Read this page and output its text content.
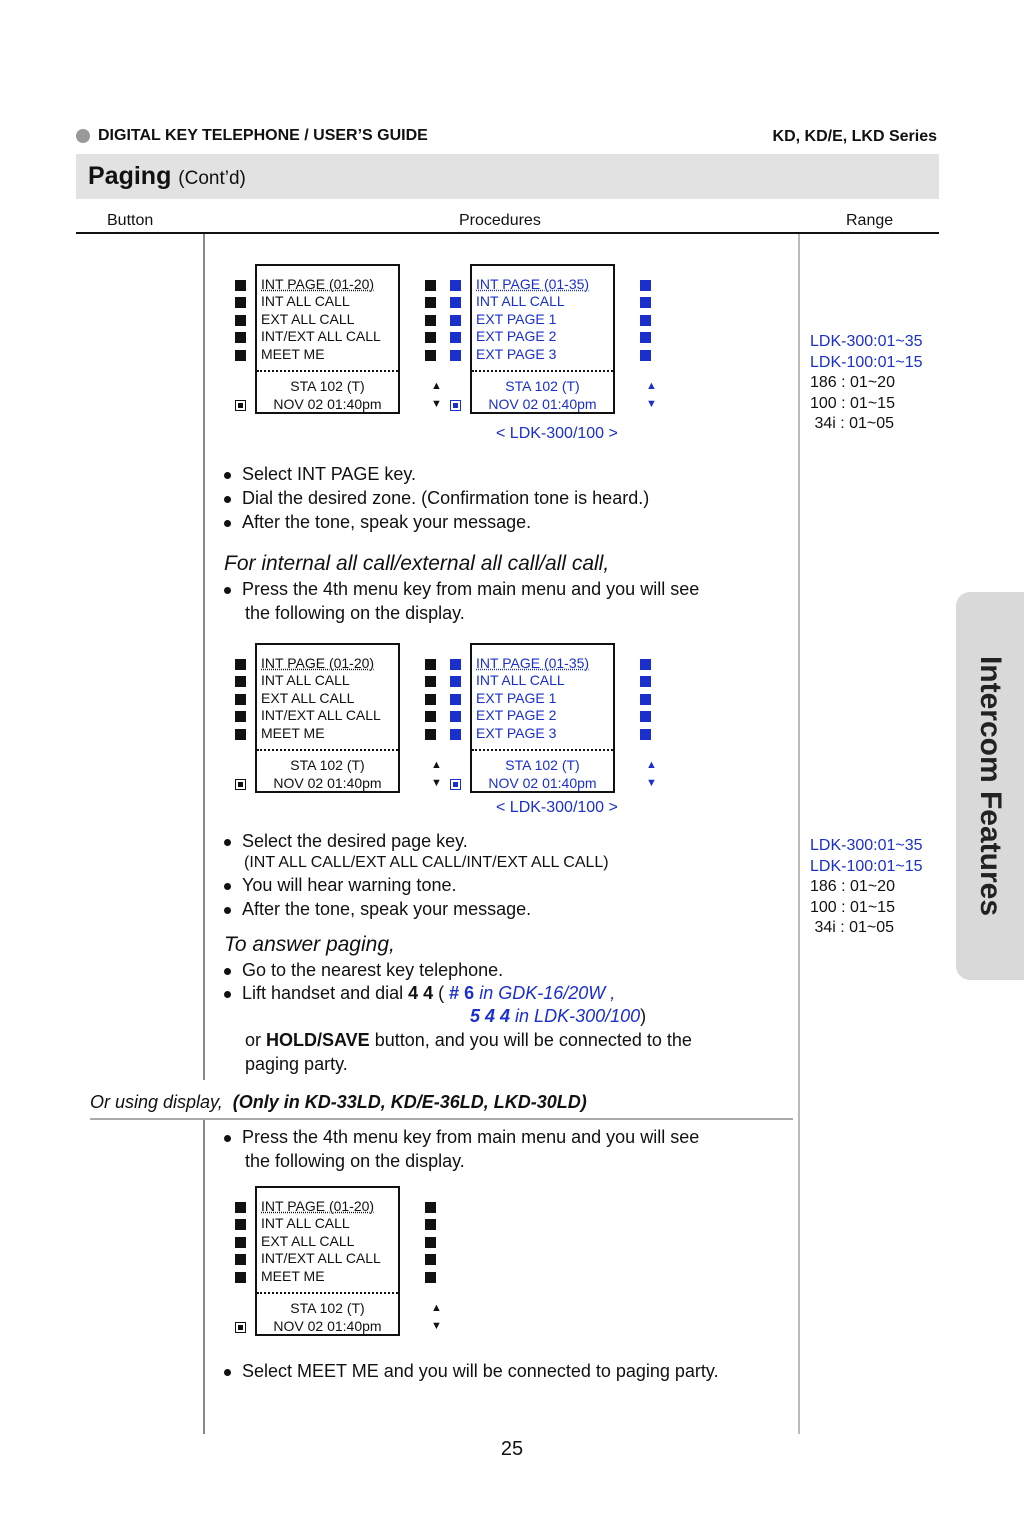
DIGITAL KEY TELEPHONE / USER’S GUIDE	KD, KD/E, LKD Series
Paging (Cont’d)
Button	Procedures	Range
INT PAGE (01-20)
INT ALL CALL
EXT ALL CALL
INT/EXT ALL CALL
MEET ME
STA 102 (T)
NOV 02 01:40pm
▲
▼
INT PAGE (01-35)
INT ALL CALL
EXT PAGE 1
EXT PAGE 2
EXT PAGE 3
STA 102 (T)
NOV 02 01:40pm
▲
▼
< LDK-300/100 >
Select INT PAGE key.
Dial the desired zone. (Confirmation tone is heard.)
After the tone, speak your message.
For internal all call/external all call/all call,
Press the 4th menu key from main menu and you will see
the following on the display.
INT PAGE (01-20)
INT ALL CALL
EXT ALL CALL
INT/EXT ALL CALL
MEET ME
STA 102 (T)
NOV 02 01:40pm
▲
▼
INT PAGE (01-35)
INT ALL CALL
EXT PAGE 1
EXT PAGE 2
EXT PAGE 3
STA 102 (T)
NOV 02 01:40pm
▲
▼
< LDK-300/100 >
Select the desired page key.
(INT ALL CALL/EXT ALL CALL/INT/EXT ALL CALL)
You will hear warning tone.
After the tone, speak your message.
To answer paging,
Go to the nearest key telephone.
Lift handset and dial 4 4 ( # 6 in GDK-16/20W ,
5 4 4 in LDK-300/100)
or HOLD/SAVE button, and you will be connected to the
paging party.
Or using display, (Only in KD-33LD, KD/E-36LD, LKD-30LD)
Press the 4th menu key from main menu and you will see
the following on the display.
INT PAGE (01-20)
INT ALL CALL
EXT ALL CALL
INT/EXT ALL CALL
MEET ME
STA 102 (T)
NOV 02 01:40pm
▲
▼
Select MEET ME and you will be connected to paging party.
LDK-300:01~35
LDK-100:01~15
186 : 01~20
100 : 01~15
34i : 01~05
LDK-300:01~35
LDK-100:01~15
186 : 01~20
100 : 01~15
34i : 01~05
Intercom Features
25
